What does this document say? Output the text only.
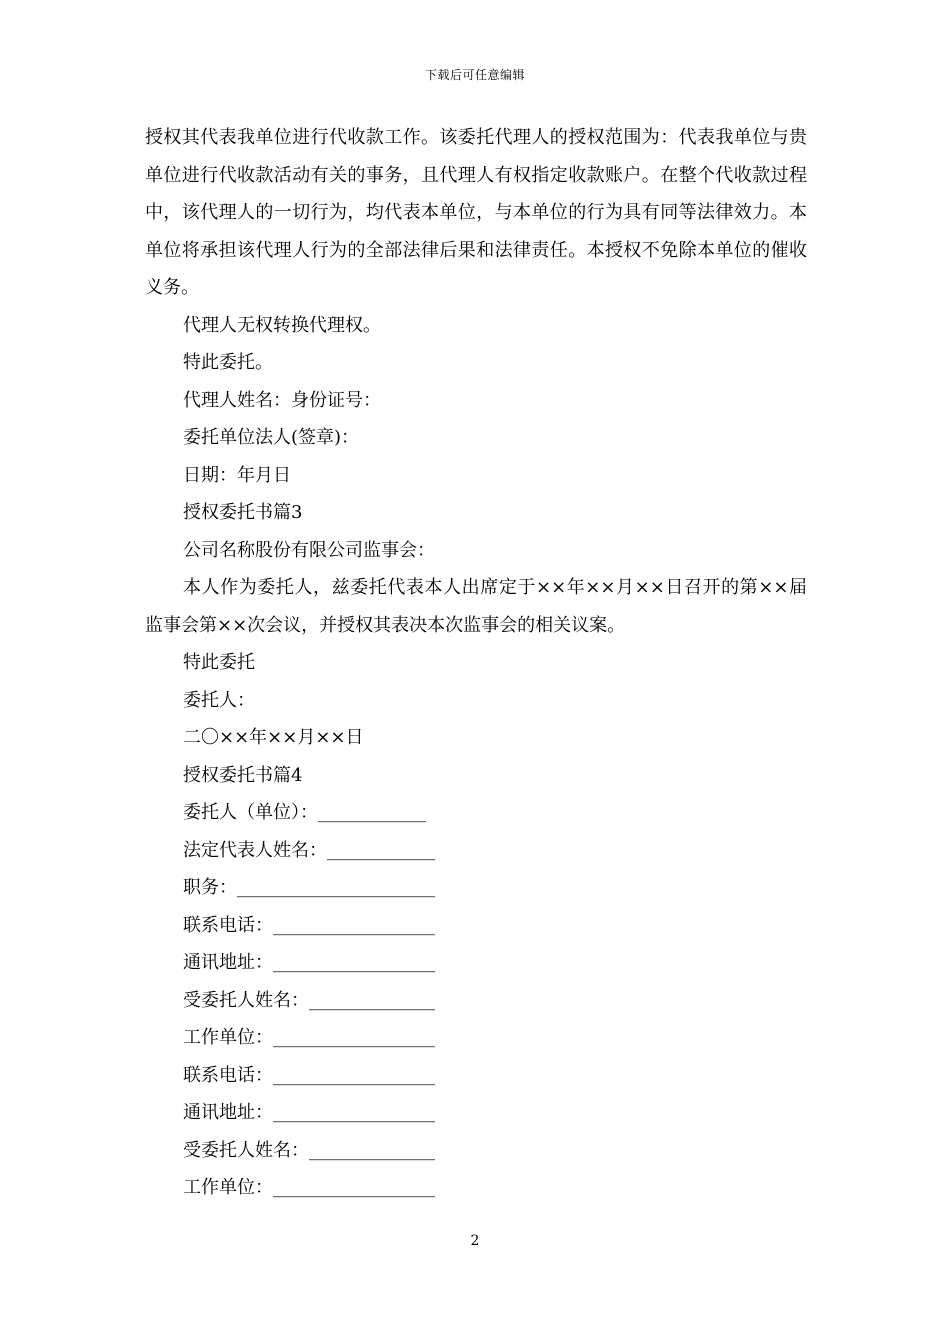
下载后可任意编辑

授权其代表我单位进行代收款工作。该委托代理人的授权范围为：代表我单位与贵单位进行代收款活动有关的事务，且代理人有权指定收款账户。在整个代收款过程中，该代理人的一切行为，均代表本单位，与本单位的行为具有同等法律效力。本单位将承担该代理人行为的全部法律后果和法律责任。本授权不免除本单位的催收义务。

代理人无权转换代理权。

特此委托。

代理人姓名：身份证号：

委托单位法人(签章)：

日期：年月日

授权委托书篇3

公司名称股份有限公司监事会：

本人作为委托人，兹委托代表本人出席定于××年××月××日召开的第××届监事会第××次会议，并授权其表决本次监事会的相关议案。

特此委托

委托人：

二〇××年××月××日

授权委托书篇4

委托人（单位）：____________

法定代表人姓名：____________

职务：______________________

联系电话：__________________

通讯地址：__________________

受委托人姓名：______________

工作单位：__________________

联系电话：__________________

通讯地址：__________________

受委托人姓名：______________

工作单位：__________________

2
